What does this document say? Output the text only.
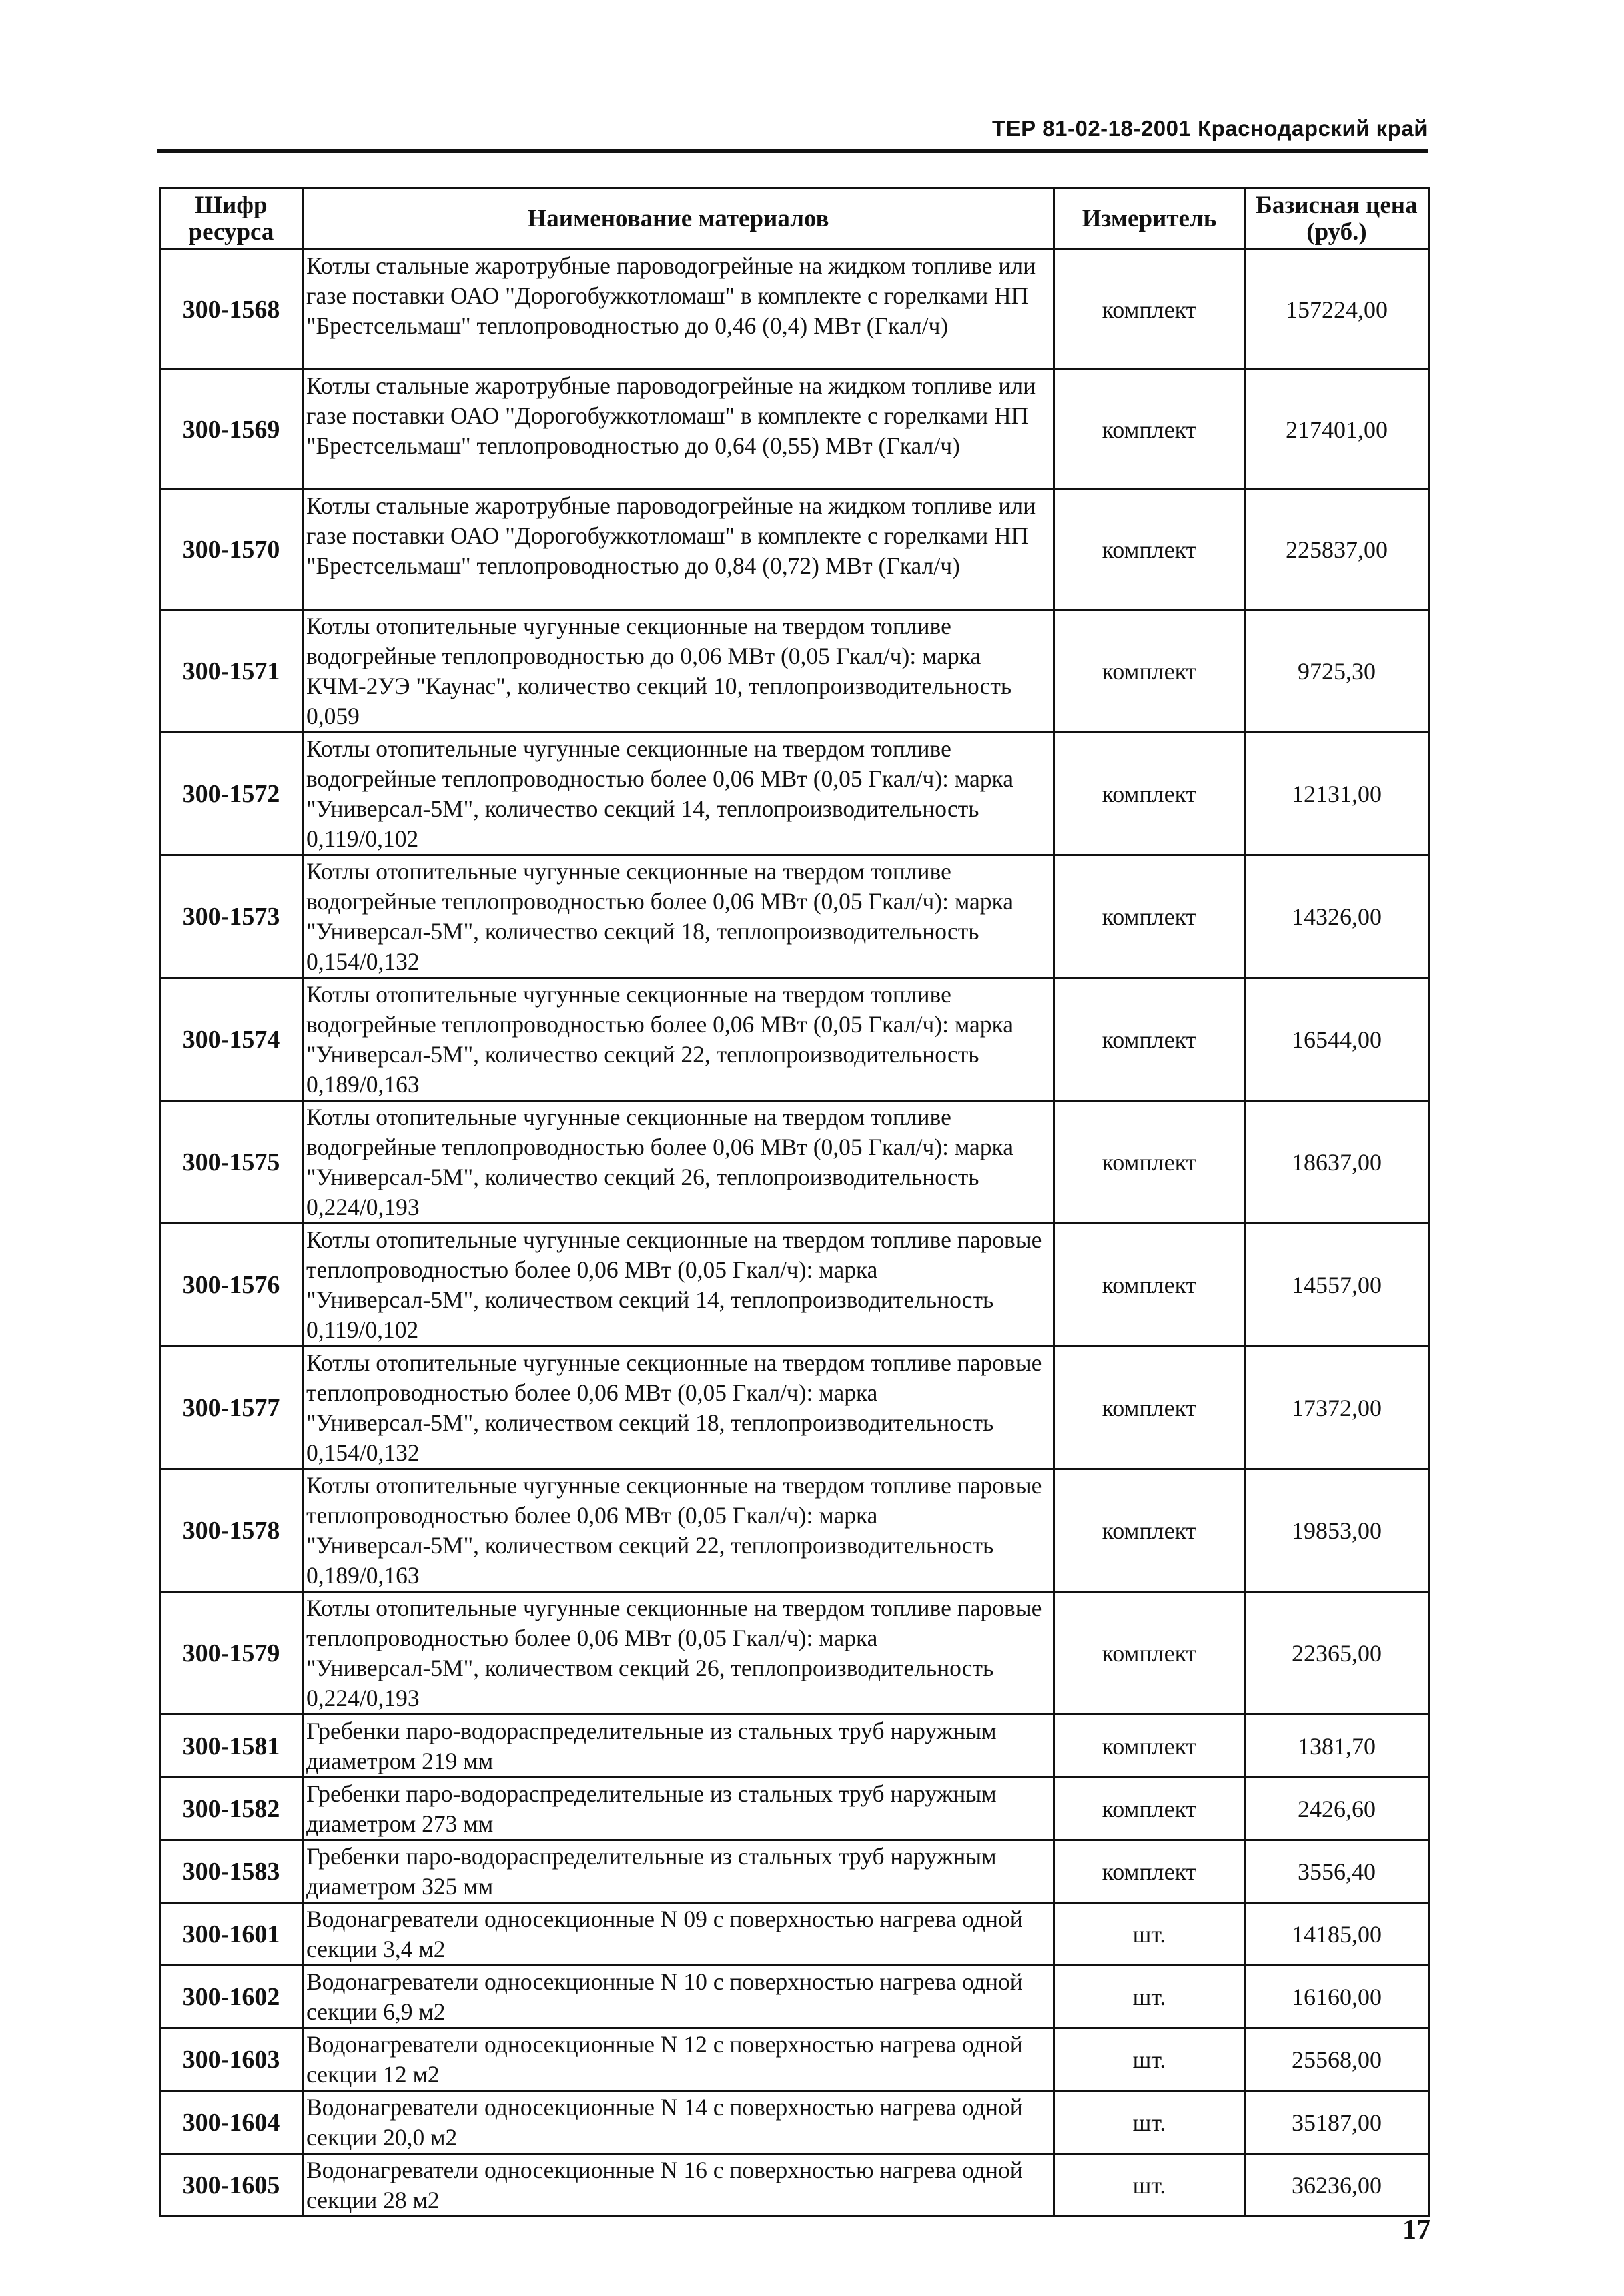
ТЕР 81-02-18-2001 Краснодарский край
Шифр ресурса	Наименование материалов	Измеритель	Базисная цена (руб.)
300-1568	Котлы стальные жаротрубные пароводогрейные на жидком топливе или газе поставки ОАО "Дорогобужкотломаш" в комплекте с горелками НП "Брестсельмаш" теплопроводностью до 0,46 (0,4) МВт (Гкал/ч)	комплект	157224,00
300-1569	Котлы стальные жаротрубные пароводогрейные на жидком топливе или газе поставки ОАО "Дорогобужкотломаш" в комплекте с горелками НП "Брестсельмаш" теплопроводностью до 0,64 (0,55) МВт (Гкал/ч)	комплект	217401,00
300-1570	Котлы стальные жаротрубные пароводогрейные на жидком топливе или газе поставки ОАО "Дорогобужкотломаш" в комплекте с горелками НП "Брестсельмаш" теплопроводностью до 0,84 (0,72) МВт (Гкал/ч)	комплект	225837,00
300-1571	Котлы отопительные чугунные секционные на твердом топливе водогрейные теплопроводностью до 0,06 МВт (0,05 Гкал/ч): марка КЧМ-2УЭ "Каунас", количество секций 10, теплопроизводительность 0,059	комплект	9725,30
300-1572	Котлы отопительные чугунные секционные на твердом топливе водогрейные теплопроводностью более 0,06 МВт (0,05 Гкал/ч): марка "Универсал-5М", количество секций 14, теплопроизводительность 0,119/0,102	комплект	12131,00
300-1573	Котлы отопительные чугунные секционные на твердом топливе водогрейные теплопроводностью более 0,06 МВт (0,05 Гкал/ч): марка "Универсал-5М", количество секций 18, теплопроизводительность 0,154/0,132	комплект	14326,00
300-1574	Котлы отопительные чугунные секционные на твердом топливе водогрейные теплопроводностью более 0,06 МВт (0,05 Гкал/ч): марка "Универсал-5М", количество секций 22, теплопроизводительность 0,189/0,163	комплект	16544,00
300-1575	Котлы отопительные чугунные секционные на твердом топливе водогрейные теплопроводностью более 0,06 МВт (0,05 Гкал/ч): марка "Универсал-5М", количество секций 26, теплопроизводительность 0,224/0,193	комплект	18637,00
300-1576	Котлы отопительные чугунные секционные на твердом топливе паровые теплопроводностью более 0,06 МВт (0,05 Гкал/ч): марка "Универсал-5М", количеством секций 14, теплопроизводительность 0,119/0,102	комплект	14557,00
300-1577	Котлы отопительные чугунные секционные на твердом топливе паровые теплопроводностью более 0,06 МВт (0,05 Гкал/ч): марка "Универсал-5М", количеством секций 18, теплопроизводительность 0,154/0,132	комплект	17372,00
300-1578	Котлы отопительные чугунные секционные на твердом топливе паровые теплопроводностью более 0,06 МВт (0,05 Гкал/ч): марка "Универсал-5М", количеством секций 22, теплопроизводительность 0,189/0,163	комплект	19853,00
300-1579	Котлы отопительные чугунные секционные на твердом топливе паровые теплопроводностью более 0,06 МВт (0,05 Гкал/ч): марка "Универсал-5М", количеством секций 26, теплопроизводительность 0,224/0,193	комплект	22365,00
300-1581	Гребенки паро-водораспределительные из стальных труб наружным диаметром 219 мм	комплект	1381,70
300-1582	Гребенки паро-водораспределительные из стальных труб наружным диаметром 273 мм	комплект	2426,60
300-1583	Гребенки паро-водораспределительные из стальных труб наружным диаметром 325 мм	комплект	3556,40
300-1601	Водонагреватели односекционные N 09 с поверхностью нагрева одной секции 3,4 м2	шт.	14185,00
300-1602	Водонагреватели односекционные N 10 с поверхностью нагрева одной секции 6,9 м2	шт.	16160,00
300-1603	Водонагреватели односекционные N 12 с поверхностью нагрева одной секции 12 м2	шт.	25568,00
300-1604	Водонагреватели односекционные N 14 с поверхностью нагрева одной секции 20,0 м2	шт.	35187,00
300-1605	Водонагреватели односекционные N 16 с поверхностью нагрева одной секции 28 м2	шт.	36236,00
17
